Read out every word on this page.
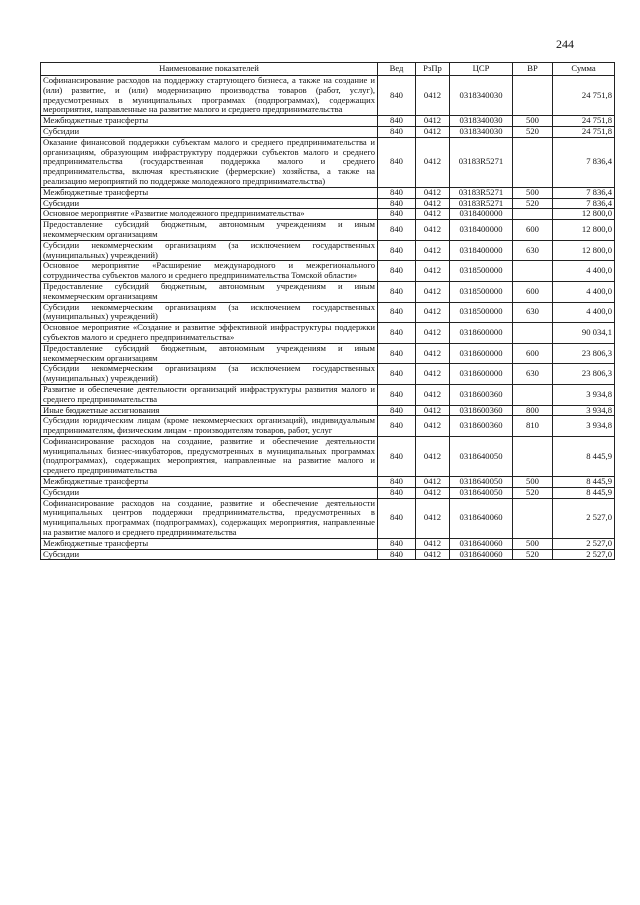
244
Наименование показателей	Вед	РзПр	ЦСР	ВР	Сумма
Софинансирование расходов на поддержку стартующего бизнеса, а также на создание и (или) развитие, и (или) модернизацию производства товаров (работ, услуг), предусмотренных в муниципальных программах (подпрограммах), содержащих мероприятия, направленные на развитие малого и среднего предпринимательства	840	0412	0318340030		24 751,8
Межбюджетные трансферты	840	0412	0318340030	500	24 751,8
Субсидии	840	0412	0318340030	520	24 751,8
Оказание финансовой поддержки субъектам малого и среднего предпринимательства и организациям, образующим инфраструктуру поддержки субъектов малого и среднего предпринимательства (государственная поддержка малого и среднего предпринимательства, включая крестьянские (фермерские) хозяйства, а также на реализацию мероприятий по поддержке молодежного предпринимательства)	840	0412	03183R5271		7 836,4
Межбюджетные трансферты	840	0412	03183R5271	500	7 836,4
Субсидии	840	0412	03183R5271	520	7 836,4
Основное мероприятие «Развитие молодежного предпринимательства»	840	0412	0318400000		12 800,0
Предоставление субсидий бюджетным, автономным учреждениям и иным некоммерческим организациям	840	0412	0318400000	600	12 800,0
Субсидии некоммерческим организациям (за исключением государственных (муниципальных) учреждений)	840	0412	0318400000	630	12 800,0
Основное мероприятие «Расширение международного и межрегионального сотрудничества субъектов малого и среднего предпринимательства Томской области»	840	0412	0318500000		4 400,0
Предоставление субсидий бюджетным, автономным учреждениям и иным некоммерческим организациям	840	0412	0318500000	600	4 400,0
Субсидии некоммерческим организациям (за исключением государственных (муниципальных) учреждений)	840	0412	0318500000	630	4 400,0
Основное мероприятие «Создание и развитие эффективной инфраструктуры поддержки субъектов малого и среднего предпринимательства»	840	0412	0318600000		90 034,1
Предоставление субсидий бюджетным, автономным учреждениям и иным некоммерческим организациям	840	0412	0318600000	600	23 806,3
Субсидии некоммерческим организациям (за исключением государственных (муниципальных) учреждений)	840	0412	0318600000	630	23 806,3
Развитие и обеспечение деятельности организаций инфраструктуры развития малого и среднего предпринимательства	840	0412	0318600360		3 934,8
Иные бюджетные ассигнования	840	0412	0318600360	800	3 934,8
Субсидии юридическим лицам (кроме некоммерческих организаций), индивидуальным предпринимателям, физическим лицам - производителям товаров, работ, услуг	840	0412	0318600360	810	3 934,8
Софинансирование расходов на создание, развитие и обеспечение деятельности муниципальных бизнес-инкубаторов, предусмотренных в муниципальных программах (подпрограммах), содержащих мероприятия, направленные на развитие малого и среднего предпринимательства	840	0412	0318640050		8 445,9
Межбюджетные трансферты	840	0412	0318640050	500	8 445,9
Субсидии	840	0412	0318640050	520	8 445,9
Софинансирование расходов на создание, развитие и обеспечение деятельности муниципальных центров поддержки предпринимательства, предусмотренных в муниципальных программах (подпрограммах), содержащих мероприятия, направленные на развитие малого и среднего предпринимательства	840	0412	0318640060		2 527,0
Межбюджетные трансферты	840	0412	0318640060	500	2 527,0
Субсидии	840	0412	0318640060	520	2 527,0
